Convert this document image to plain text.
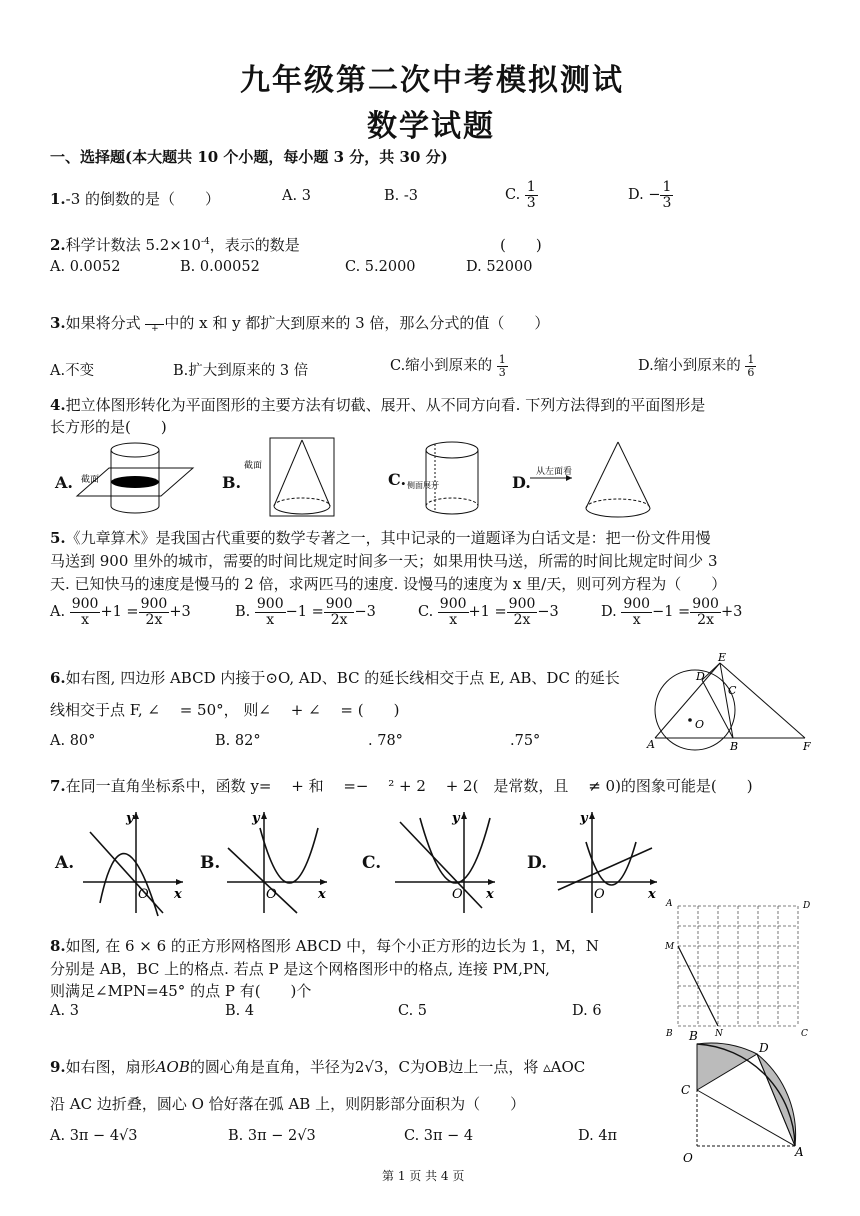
九年级第二次中考模拟测试
数学试题
一、选择题(本大题共 10 个小题，每小题 3 分，共 30 分)
1.-3 的倒数的是（　　）	A. 3	B. -3	C. $\frac{1}{3}$	D. − $\frac{1}{3}$
2.科学计数法 $5.2\times 10^{-4}$，表示的数是	(　　)
A. 0.0052	B. 0.00052	C. 5.2000	D. 52000
3.如果将分式
+ 中的 x 和 y 都扩大到原来的 3 倍，那么分式的值（　　）
A.不变	B.扩大到原来的 3 倍	C.缩小到原来的 $\frac{1}{3}$	D.缩小到原来的 $\frac{1}{6}$
4.把立体图形转化为平面图形的主要方法有切截、展开、从不同方向看. 下列方法得到的平面图形是
长方形的是(　　)
A. 截面	B.
截面
C. 侧面展开	D.
从左面看
5.《九章算术》是我国古代重要的数学专著之一，其中记录的一道题译为白话文是：把一份文件用慢
马送到 900 里外的城市，需要的时间比规定时间多一天；如果用快马送，所需的时间比规定时间少 3
天. 已知快马的速度是慢马的 2 倍，求两匹马的速度. 设慢马的速度为 x 里/天，则可列方程为（　　）
A. $\frac{900}{x} +1 = \frac{900}{2x} +3$	B. $\frac{900}{x} -1 = \frac{900}{2x} -3$	C. $\frac{900}{x} +1 = \frac{900}{2x} -3$	D. $\frac{900}{x} -1 = \frac{900}{2x} +3$
6.如右图, 四边形 ABCD 内接于⊙O, AD、BC 的延长线相交于点 E, AB、DC 的延长
线相交于点 F, ∠　 = 50°， 则∠　 + ∠　 = (　　)
A. 80°	B. 82°	. 78°	.75°	A	B
C
D
E
F
O
7.在同一直角坐标系中，函数 y=　 + 和　 =−　 ² + 2　 + 2(　是常数，且　 ≠ 0)的图象可能是(　　)
A.
y
x
O
B.
y
x
O
C.
y
x
O
D.
y
x
O
8.如图, 在 6 × 6 的正方形网格图形 ABCD 中，每个小正方形的边长为 1，M，N
分别是 AB，BC 上的格点. 若点 P 是这个网格图形中的格点, 连接 PM,PN,
则满足∠MPN=45° 的点 P 有(　　)个
A. 3	B. 4	C. 5	D. 6
A
B	C
D
M
N
9.如右图，扇形AOB的圆心角是直角，半径为2√3，C为OB边上一点，将 ▵AOC
沿 AC 边折叠，圆心 O 恰好落在弧 AB 上，则阴影部分面积为（　　）
A. 3π − 4√3	B. 3π − 2√3	C. 3π − 4	D. 4π
B
D
C
O	A
第 1 页 共 4 页
